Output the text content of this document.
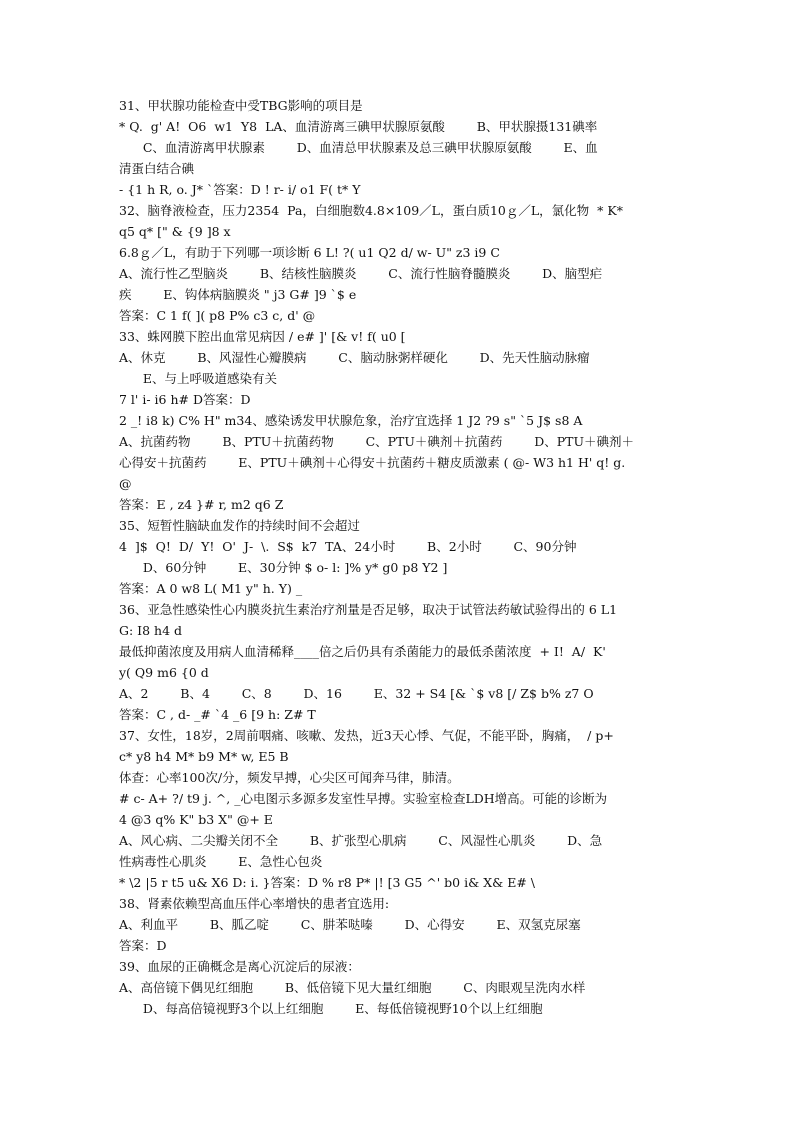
31、甲状腺功能检查中受TBG影响的项目是
* Q.  g' A!  O6  w1  Y8  LA、血清游离三碘甲状腺原氨酸        B、甲状腺摄131碘率
C、血清游离甲状腺素        D、血清总甲状腺素及总三碘甲状腺原氨酸        E、血
清蛋白结合碘
- {1 h R, o. J* `答案：D ! r- i/ o1 F( t* Y
32、脑脊液检查，压力2354  Pa，白细胞数4.8×109／L，蛋白质10ｇ／L，氯化物  * K*
q5 q* [" & {9 ]8 x
6.8ｇ／L，有助于下列哪一项诊断 6 L! ?( u1 Q2 d/ w- U" z3 i9 C
A、流行性乙型脑炎        B、结核性脑膜炎        C、流行性脑脊髓膜炎        D、脑型疟
疾        E、钩体病脑膜炎 " j3 G# ]9 `$ e
答案：C 1 f( ]( p8 P% c3 c, d' @
33、蛛网膜下腔出血常见病因 / e# ]' [& v! f( u0 [
A、休克        B、风湿性心瓣膜病        C、脑动脉粥样硬化        D、先天性脑动脉瘤
E、与上呼吸道感染有关
7 l' i- i6 h# D答案：D
2 _! i8 k) C% H" m34、感染诱发甲状腺危象，治疗宜选择 1 J2 ?9 s" `5 J$ s8 A
A、抗菌药物        B、PTU＋抗菌药物        C、PTU＋碘剂＋抗菌药        D、PTU＋碘剂＋
心得安＋抗菌药        E、PTU＋碘剂＋心得安＋抗菌药＋糖皮质激素 ( @- W3 h1 H' q! g.
@
答案：E , z4 }# r, m2 q6 Z
35、短暂性脑缺血发作的持续时间不会超过
4  ]$  Q!  D/  Y!  O'  J-  \.  S$  k7  TA、24小时        B、2小时        C、90分钟
D、60分钟        E、30分钟 $ o- l: ]% y* g0 p8 Y2 ]
答案：A 0 w8 L( M1 y" h. Y) _
36、亚急性感染性心内膜炎抗生素治疗剂量是否足够，取决于试管法药敏试验得出的 6 L1
G: I8 h4 d
最低抑菌浓度及用病人血清稀释____倍之后仍具有杀菌能力的最低杀菌浓度  + I!  A/  K'
y( Q9 m6 {0 d
A、2        B、4        C、8        D、16        E、32 + S4 [& `$ v8 [/ Z$ b% z7 O
答案：C , d- _# `4 _6 [9 h: Z# T
37、女性，18岁，2周前咽痛、咳嗽、发热，近3天心悸、气促，不能平卧，胸痛，  / p+
c* y8 h4 M* b9 M* w, E5 B
体查：心率100次/分，频发早搏，心尖区可闻奔马律，肺清。
# c- A+ ?/ t9 j. ^, _心电图示多源多发室性早搏。实验室检查LDH增高。可能的诊断为
4 @3 q% K" b3 X" @+ E
A、风心病、二尖瓣关闭不全        B、扩张型心肌病        C、风湿性心肌炎        D、急
性病毒性心肌炎        E、急性心包炎
* \2 |5 r t5 u& X6 D: i. }答案：D % r8 P* |! [3 G5 ^' b0 i& X& E# \
38、肾素依赖型高血压伴心率增快的患者宜选用:
A、利血平        B、胍乙啶        C、肼苯哒嗪        D、心得安        E、双氢克尿塞
答案：D
39、血尿的正确概念是离心沉淀后的尿液：
A、高倍镜下偶见红细胞        B、低倍镜下见大量红细胞        C、肉眼观呈洗肉水样
D、每高倍镜视野3个以上红细胞        E、每低倍镜视野10个以上红细胞
